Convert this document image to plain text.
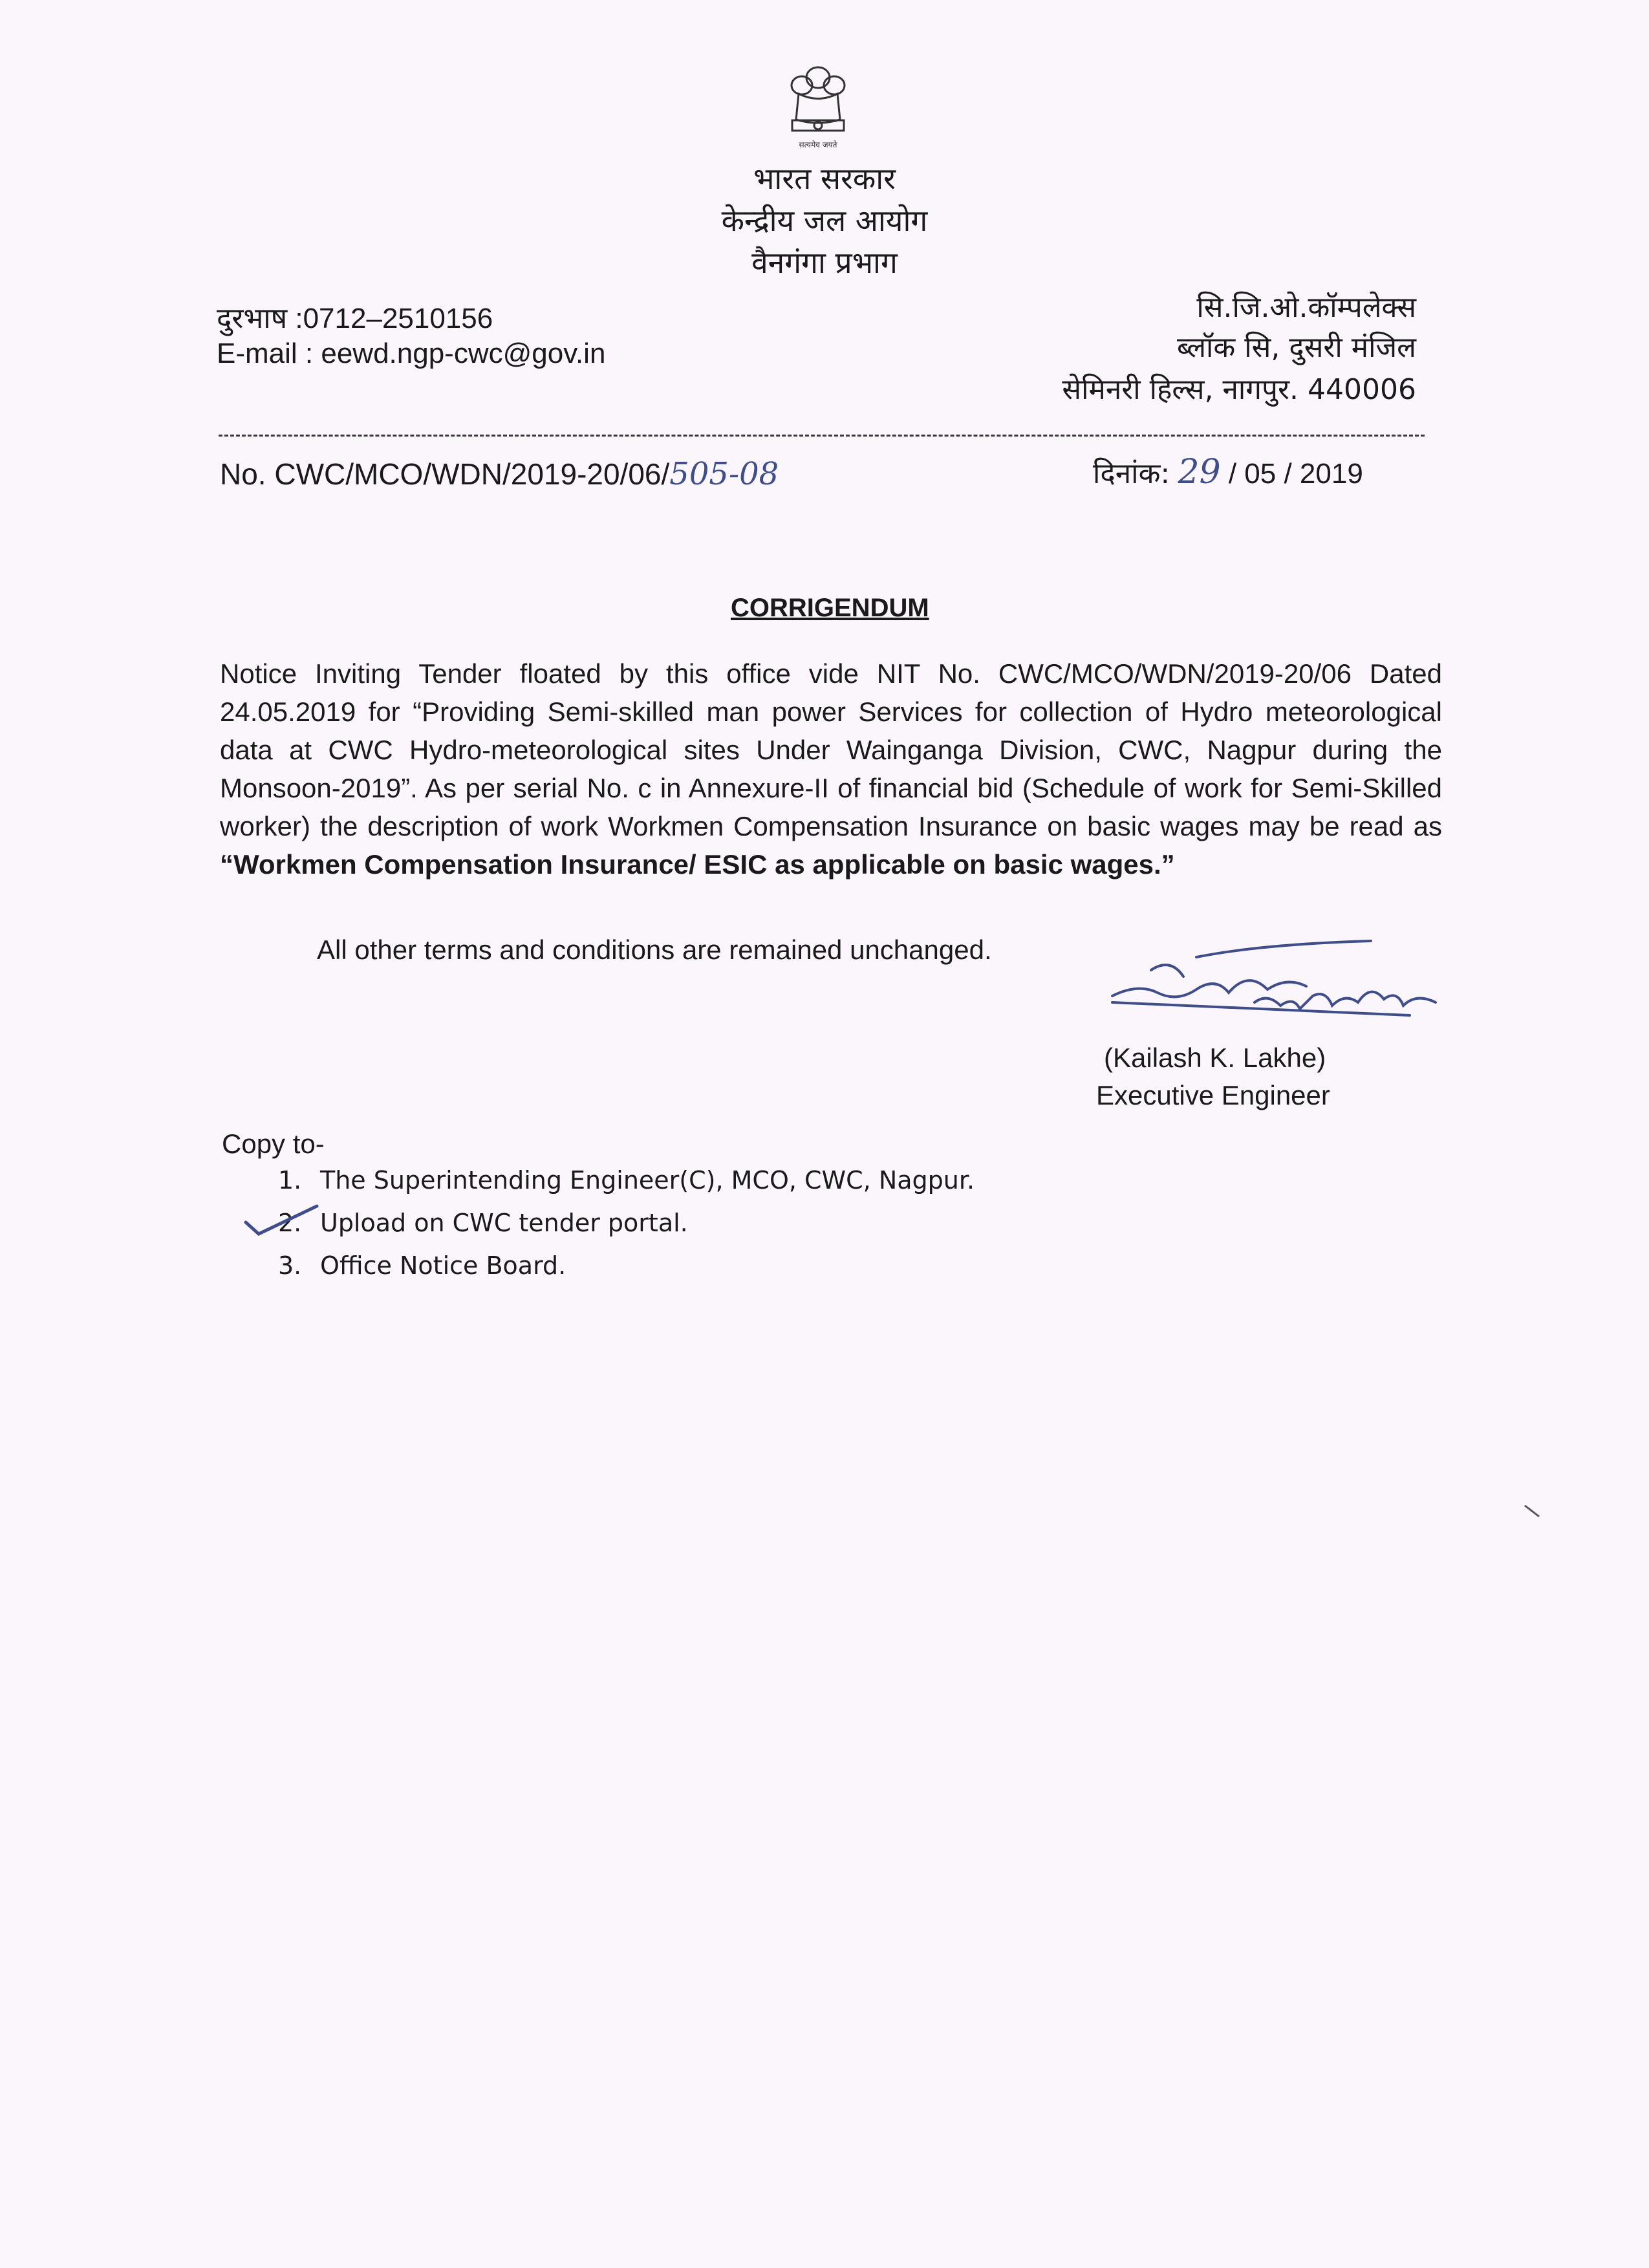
सत्यमेव जयते
भारत सरकार
केन्द्रीय जल आयोग
वैनगंगा प्रभाग
दुरभाष :0712–2510156
E-mail : eewd.ngp-cwc@gov.in
सि.जि.ओ.कॉम्पलेक्स
ब्लॉक सि, दुसरी मंजिल
सेमिनरी हिल्स, नागपुर. 440006
No. CWC/MCO/WDN/2019-20/06/505-08	दिनांक: 29 / 05 / 2019
CORRIGENDUM
Notice Inviting Tender floated by this office vide NIT No. CWC/MCO/WDN/2019-20/06 Dated 24.05.2019 for “Providing Semi-skilled man power Services for collection of Hydro meteorological data at CWC Hydro-meteorological sites Under Wainganga Division, CWC, Nagpur during the Monsoon-2019”. As per serial No. c in Annexure-II of financial bid (Schedule of work for Semi-Skilled worker) the description of work Workmen Compensation Insurance on basic wages may be read as “Workmen Compensation Insurance/ ESIC as applicable on basic wages.”
All other terms and conditions are remained unchanged.
(Kailash K. Lakhe)
Executive Engineer
Copy to-
1. The Superintending Engineer(C), MCO, CWC, Nagpur.
2. Upload on CWC tender portal.
3. Office Notice Board.
